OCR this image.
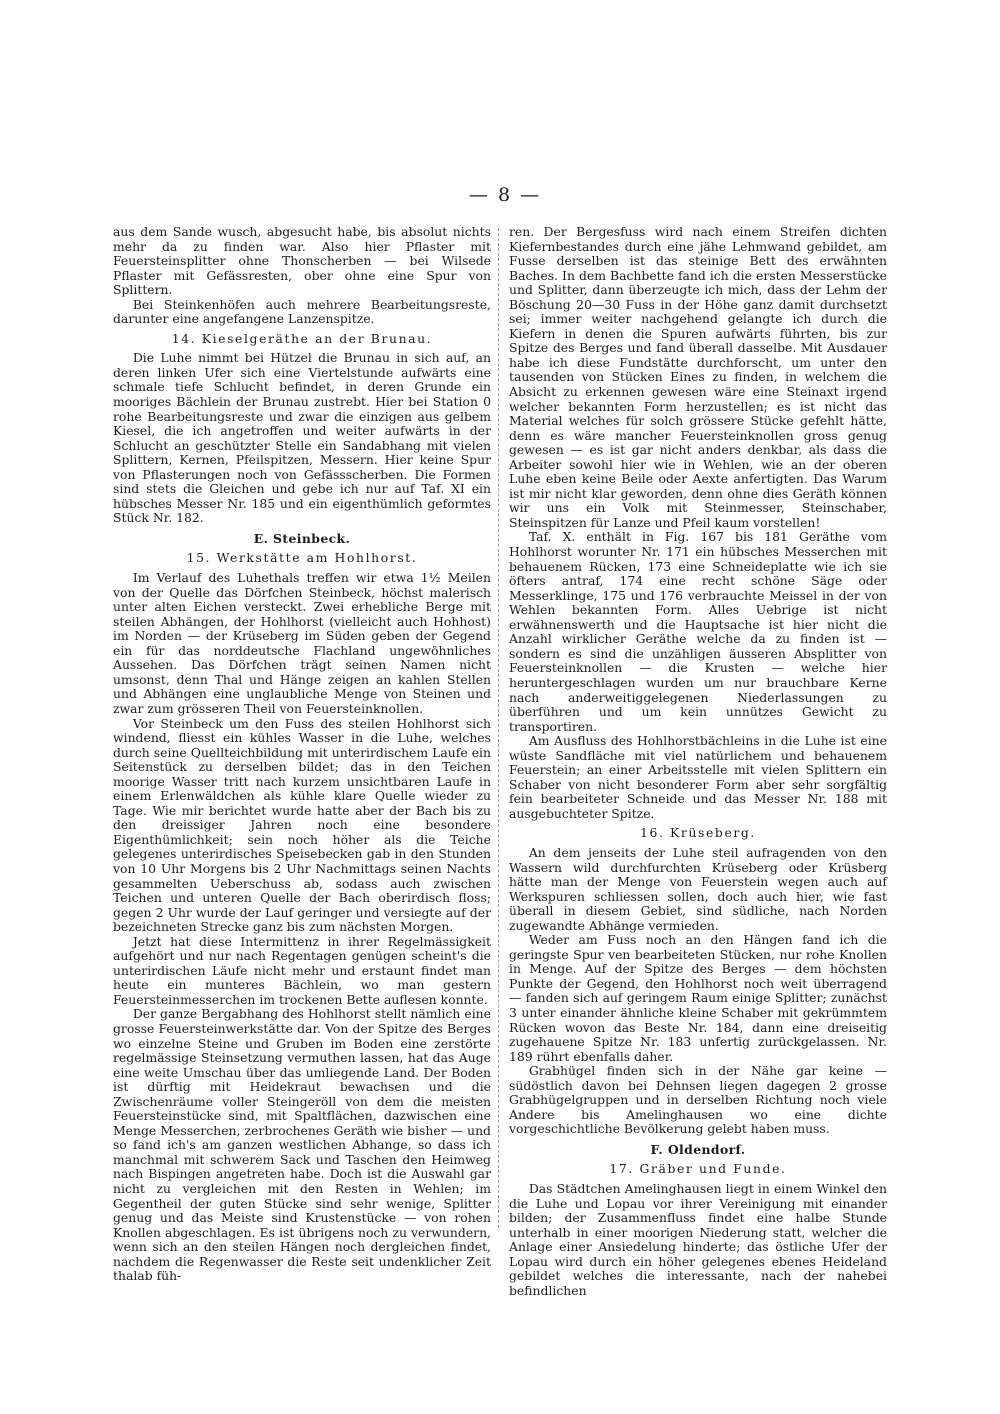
— 8 —

aus dem Sande wusch, abgesucht habe, bis absolut nichts mehr da zu finden war. Also hier Pflaster mit Feuersteinsplitter ohne Thonscherben — bei Wilsede Pflaster mit Gefässresten, ober ohne eine Spur von Splittern.

Bei Steinkenhöfen auch mehrere Bearbeitungsreste, darunter eine angefangene Lanzenspitze.

14. Kieselgeräthe an der Brunau.

Die Luhe nimmt bei Hützel die Brunau in sich auf, an deren linken Ufer sich eine Viertelstunde aufwärts eine schmale tiefe Schlucht befindet, in deren Grunde ein mooriges Bächlein der Brunau zustrebt. Hier bei Station 0 rohe Bearbeitungsreste und zwar die einzigen aus gelbem Kiesel, die ich angetroffen und weiter aufwärts in der Schlucht an geschützter Stelle ein Sandabhang mit vielen Splittern, Kernen, Pfeilspitzen, Messern. Hier keine Spur von Pflasterungen noch von Gefässscherben. Die Formen sind stets die Gleichen und gebe ich nur auf Taf. XI ein hübsches Messer Nr. 185 und ein eigenthümlich geformtes Stück Nr. 182.

E. Steinbeck.

15. Werkstätte am Hohlhorst.

Im Verlauf des Luhethals treffen wir etwa 1½ Meilen von der Quelle das Dörfchen Steinbeck, höchst malerisch unter alten Eichen versteckt. Zwei erhebliche Berge mit steilen Abhängen, der Hohlhorst (vielleicht auch Hohhost) im Norden — der Krüseberg im Süden geben der Gegend ein für das norddeutsche Flachland ungewöhnliches Aussehen. Das Dörfchen trägt seinen Namen nicht umsonst, denn Thal und Hänge zeigen an kahlen Stellen und Abhängen eine unglaubliche Menge von Steinen und zwar zum grösseren Theil von Feuersteinknollen.

Vor Steinbeck um den Fuss des steilen Hohlhorst sich windend, fliesst ein kühles Wasser in die Luhe, welches durch seine Quellteichbildung mit unterirdischem Laufe ein Seitenstück zu derselben bildet; das in den Teichen moorige Wasser tritt nach kurzem unsichtbaren Laufe in einem Erlenwäldchen als kühle klare Quelle wieder zu Tage. Wie mir berichtet wurde hatte aber der Bach bis zu den dreissiger Jahren noch eine besondere Eigenthümlichkeit; sein noch höher als die Teiche gelegenes unterirdisches Speisebecken gab in den Stunden von 10 Uhr Morgens bis 2 Uhr Nachmittags seinen Nachts gesammelten Ueberschuss ab, sodass auch zwischen Teichen und unteren Quelle der Bach oberirdisch floss; gegen 2 Uhr wurde der Lauf geringer und versiegte auf der bezeichneten Strecke ganz bis zum nächsten Morgen.

Jetzt hat diese Intermittenz in ihrer Regelmässigkeit aufgehört und nur nach Regentagen genügen scheint's die unterirdischen Läufe nicht mehr und erstaunt findet man heute ein munteres Bächlein, wo man gestern Feuersteinmesserchen im trockenen Bette auflesen konnte.

Der ganze Bergabhang des Hohlhorst stellt nämlich eine grosse Feuersteinwerkstätte dar. Von der Spitze des Berges wo einzelne Steine und Gruben im Boden eine zerstörte regelmässige Steinsetzung vermuthen lassen, hat das Auge eine weite Umschau über das umliegende Land. Der Boden ist dürftig mit Heidekraut bewachsen und die Zwischenräume voller Steingeröll von dem die meisten Feuersteinstücke sind, mit Spaltflächen, dazwischen eine Menge Messerchen, zerbrochenes Geräth wie bisher — und so fand ich's am ganzen westlichen Abhange, so dass ich manchmal mit schwerem Sack und Taschen den Heimweg nach Bispingen angetreten habe. Doch ist die Auswahl gar nicht zu vergleichen mit den Resten in Wehlen; im Gegentheil der guten Stücke sind sehr wenige, Splitter genug und das Meiste sind Krustenstücke — von rohen Knollen abgeschlagen. Es ist übrigens noch zu verwundern, wenn sich an den steilen Hängen noch dergleichen findet, nachdem die Regenwasser die Reste seit undenklicher Zeit thalab füh-

ren. Der Bergesfuss wird nach einem Streifen dichten Kiefernbestandes durch eine jähe Lehmwand gebildet, am Fusse derselben ist das steinige Bett des erwähnten Baches. In dem Bachbette fand ich die ersten Messerstücke und Splitter, dann überzeugte ich mich, dass der Lehm der Böschung 20—30 Fuss in der Höhe ganz damit durchsetzt sei; immer weiter nachgehend gelangte ich durch die Kiefern in denen die Spuren aufwärts führten, bis zur Spitze des Berges und fand überall dasselbe. Mit Ausdauer habe ich diese Fundstätte durchforscht, um unter den tausenden von Stücken Eines zu finden, in welchem die Absicht zu erkennen gewesen wäre eine Steinaxt irgend welcher bekannten Form herzustellen; es ist nicht das Material welches für solch grössere Stücke gefehlt hätte, denn es wäre mancher Feuersteinknollen gross genug gewesen — es ist gar nicht anders denkbar, als dass die Arbeiter sowohl hier wie in Wehlen, wie an der oberen Luhe eben keine Beile oder Aexte anfertigten. Das Warum ist mir nicht klar geworden, denn ohne dies Geräth können wir uns ein Volk mit Steinmesser, Steinschaber, Steinspitzen für Lanze und Pfeil kaum vorstellen!

Taf. X. enthält in Fig. 167 bis 181 Geräthe vom Hohlhorst worunter Nr. 171 ein hübsches Messerchen mit behauenem Rücken, 173 eine Schneideplatte wie ich sie öfters antraf, 174 eine recht schöne Säge oder Messerklinge, 175 und 176 verbrauchte Meissel in der von Wehlen bekannten Form. Alles Uebrige ist nicht erwähnenswerth und die Hauptsache ist hier nicht die Anzahl wirklicher Geräthe welche da zu finden ist — sondern es sind die unzähligen äusseren Absplitter von Feuersteinknollen — die Krusten — welche hier heruntergeschlagen wurden um nur brauchbare Kerne nach anderweitiggelegenen Niederlassungen zu überführen und um kein unnützes Gewicht zu transportiren.

Am Ausfluss des Hohlhorstbächleins in die Luhe ist eine wüste Sandfläche mit viel natürlichem und behauenem Feuerstein; an einer Arbeitsstelle mit vielen Splittern ein Schaber von nicht besonderer Form aber sehr sorgfältig fein bearbeiteter Schneide und das Messer Nr. 188 mit ausgebuchteter Spitze.

16. Krüseberg.

An dem jenseits der Luhe steil aufragenden von den Wassern wild durchfurchten Krüseberg oder Krüsberg hätte man der Menge von Feuerstein wegen auch auf Werkspuren schliessen sollen, doch auch hier, wie fast überall in diesem Gebiet, sind südliche, nach Norden zugewandte Abhänge vermieden.

Weder am Fuss noch an den Hängen fand ich die geringste Spur ven bearbeiteten Stücken, nur rohe Knollen in Menge. Auf der Spitze des Berges — dem höchsten Punkte der Gegend, den Hohlhorst noch weit überragend — fanden sich auf geringem Raum einige Splitter; zunächst 3 unter einander ähnliche kleine Schaber mit gekrümmtem Rücken wovon das Beste Nr. 184, dann eine dreiseitig zugehauene Spitze Nr. 183 unfertig zurückgelassen. Nr. 189 rührt ebenfalls daher.

Grabhügel finden sich in der Nähe gar keine — südöstlich davon bei Dehnsen liegen dagegen 2 grosse Grabhügelgruppen und in derselben Richtung noch viele Andere bis Amelinghausen wo eine dichte vorgeschichtliche Bevölkerung gelebt haben muss.

F. Oldendorf.

17. Gräber und Funde.

Das Städtchen Amelinghausen liegt in einem Winkel den die Luhe und Lopau vor ihrer Vereinigung mit einander bilden; der Zusammenfluss findet eine halbe Stunde unterhalb in einer moorigen Niederung statt, welcher die Anlage einer Ansiedelung hinderte; das östliche Ufer der Lopau wird durch ein höher gelegenes ebenes Heideland gebildet welches die interessante, nach der nahebei befindlichen
